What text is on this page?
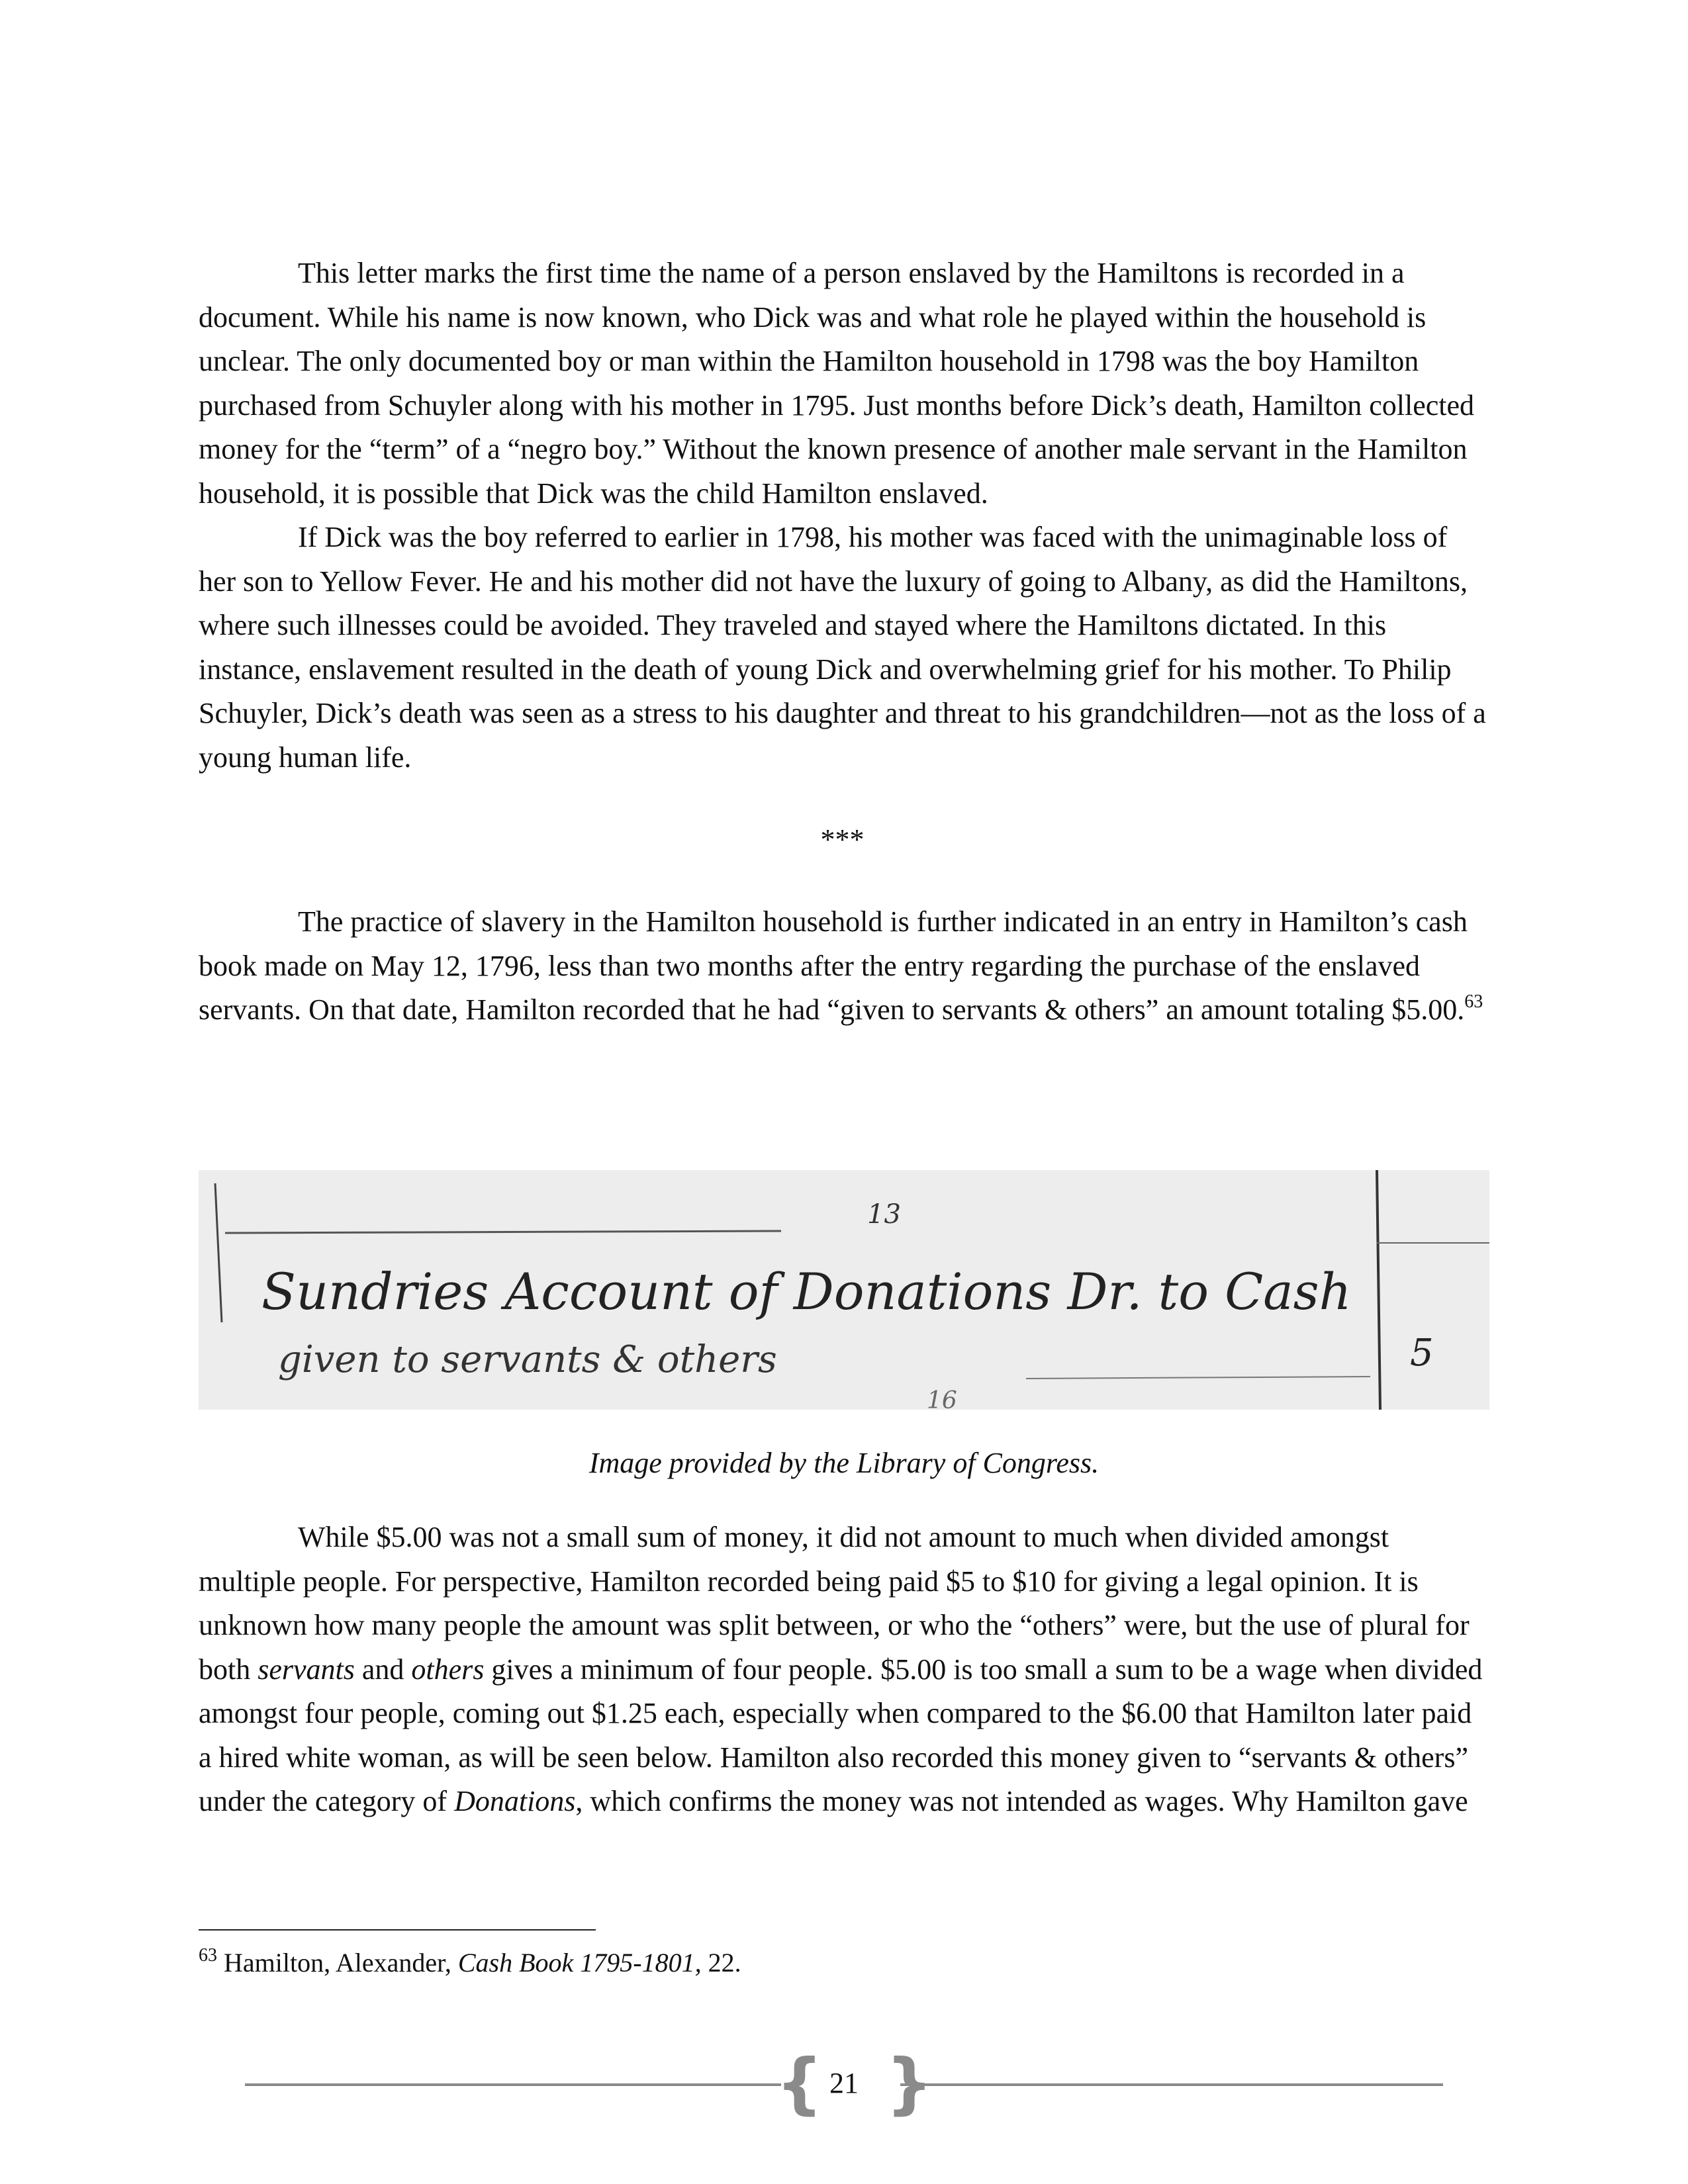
This letter marks the first time the name of a person enslaved by the Hamiltons is recorded in a document. While his name is now known, who Dick was and what role he played within the household is unclear. The only documented boy or man within the Hamilton household in 1798 was the boy Hamilton purchased from Schuyler along with his mother in 1795. Just months before Dick’s death, Hamilton collected money for the “term” of a “negro boy.” Without the known presence of another male servant in the Hamilton household, it is possible that Dick was the child Hamilton enslaved.

If Dick was the boy referred to earlier in 1798, his mother was faced with the unimaginable loss of her son to Yellow Fever. He and his mother did not have the luxury of going to Albany, as did the Hamiltons, where such illnesses could be avoided. They traveled and stayed where the Hamiltons dictated. In this instance, enslavement resulted in the death of young Dick and overwhelming grief for his mother. To Philip Schuyler, Dick’s death was seen as a stress to his daughter and threat to his grandchildren—not as the loss of a young human life.

***

The practice of slavery in the Hamilton household is further indicated in an entry in Hamilton’s cash book made on May 12, 1796, less than two months after the entry regarding the purchase of the enslaved servants. On that date, Hamilton recorded that he had “given to servants & others” an amount totaling $5.00.63

13
Sundries Account of Donations Dr. to Cash
given to servants & others
16
5
Image provided by the Library of Congress.

While $5.00 was not a small sum of money, it did not amount to much when divided amongst multiple people. For perspective, Hamilton recorded being paid $5 to $10 for giving a legal opinion. It is unknown how many people the amount was split between, or who the “others” were, but the use of plural for both servants and others gives a minimum of four people. $5.00 is too small a sum to be a wage when divided amongst four people, coming out $1.25 each, especially when compared to the $6.00 that Hamilton later paid a hired white woman, as will be seen below. Hamilton also recorded this money given to “servants & others” under the category of Donations, which confirms the money was not intended as wages. Why Hamilton gave

$^{63}$ Hamilton, Alexander, Cash Book 1795-1801, 22.
{ }
21
